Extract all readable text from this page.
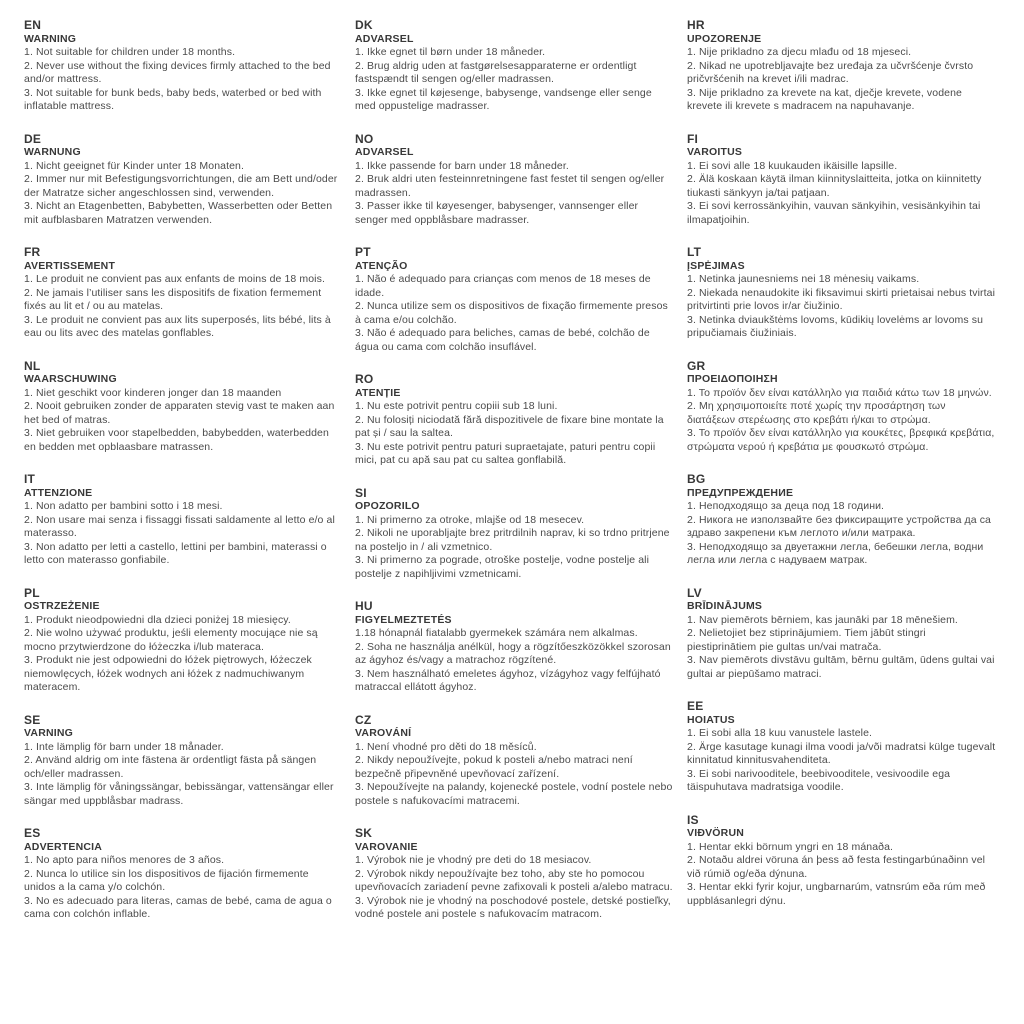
EN
WARNING

1. Not suitable for children under 18 months.

2. Never use without the fixing devices firmly attached to the bed and/or mattress.

3. Not suitable for bunk beds, baby beds, waterbed or bed with inflatable mattress.

DE
WARNUNG

1. Nicht geeignet für Kinder unter 18 Monaten.

2. Immer nur mit Befestigungsvorrichtungen, die am Bett und/oder der Matratze sicher angeschlossen sind, verwenden.

3. Nicht an Etagenbetten, Babybetten, Wasserbetten oder Betten mit aufblasbaren Matratzen verwenden.

FR
AVERTISSEMENT

1. Le produit ne convient pas aux enfants de moins de 18 mois.

2. Ne jamais l’utiliser sans les dispositifs de fixation fermement fixés au lit et / ou au matelas.

3. Le produit ne convient pas aux lits superposés, lits bébé, lits à eau ou lits avec des matelas gonflables.

NL
WAARSCHUWING

1. Niet geschikt voor kinderen jonger dan 18 maanden

2. Nooit gebruiken zonder de apparaten stevig vast te maken aan het bed of matras.

3. Niet gebruiken voor stapelbedden, babybedden, waterbedden en bedden met opblaasbare matrassen.

IT
ATTENZIONE

1. Non adatto per bambini sotto i 18 mesi.

2. Non usare mai senza i fissaggi fissati saldamente al letto e/o al materasso.

3. Non adatto per letti a castello, lettini per bambini, materassi o letto con materasso gonfiabile.

PL
OSTRZEŻENIE

1. Produkt nieodpowiedni dla dzieci poniżej 18 miesięcy.

2. Nie wolno używać produktu, jeśli elementy mocujące nie są mocno przytwierdzone do łóżeczka i/lub materaca.

3. Produkt nie jest odpowiedni do łóżek piętrowych, łóżeczek niemowlęcych, łóżek wodnych ani łóżek z nadmuchiwanym materacem.

SE
VARNING

1. Inte lämplig för barn under 18 månader.

2. Använd aldrig om inte fästena är ordentligt fästa på sängen och/eller madrassen.

3. Inte lämplig för våningssängar, bebissängar, vattensängar eller sängar med uppblåsbar madrass.

ES
ADVERTENCIA

1. No apto para niños menores de 3 años.

2. Nunca lo utilice sin los dispositivos de fijación firmemente unidos a la cama y/o colchón.

3. No es adecuado para literas, camas de bebé, cama de agua o cama con colchón inflable.

DK
ADVARSEL

1. Ikke egnet til børn under 18 måneder.

2. Brug aldrig uden at fastgørelsesapparaterne er ordentligt fastspændt til sengen og/eller madrassen.

3. Ikke egnet til køjesenge, babysenge, vandsenge eller senge med oppustelige madrasser.

NO
ADVARSEL

1. Ikke passende for barn under 18 måneder.

2. Bruk aldri uten festeinnretningene fast festet til sengen og/eller madrassen.

3. Passer ikke til køyesenger, babysenger, vannsenger eller senger med oppblåsbare madrasser.

PT
ATENÇÃO

1. Não é adequado para crianças com menos de 18 meses de idade.

2. Nunca utilize sem os dispositivos de fixação firmemente presos à cama e/ou colchão.

3. Não é adequado para beliches, camas de bebé, colchão de água ou cama com colchão insuflável.

RO
ATENȚIE

1. Nu este potrivit pentru copiii sub 18 luni.

2. Nu folosiți niciodată fără dispozitivele de fixare bine montate la pat și / sau la saltea.

3. Nu este potrivit pentru paturi supraetajate, paturi pentru copii mici, pat cu apă sau pat cu saltea gonflabilă.

SI
OPOZORILO

1. Ni primerno za otroke, mlajše od 18 mesecev.

2. Nikoli ne uporabljajte brez pritrdilnih naprav, ki so trdno pritrjene na posteljo in / ali vzmetnico.

3. Ni primerno za pograde, otroške postelje, vodne postelje ali postelje z napihljivimi vzmetnicami.

HU
FIGYELMEZTETÉS

1.18 hónapnál fiatalabb gyermekek számára nem alkalmas.

2. Soha ne használja anélkül, hogy a rögzítőeszközökkel szorosan az ágyhoz és/vagy a matrachoz rögzítené.

3. Nem használható emeletes ágyhoz, vízágyhoz vagy felfújható matraccal ellátott ágyhoz.

CZ
VAROVÁNÍ

1. Není vhodné pro děti do 18 měsíců.

2. Nikdy nepoužívejte, pokud k posteli a/nebo matraci není bezpečně připevněné upevňovací zařízení.

3. Nepoužívejte na palandy, kojenecké postele, vodní postele nebo postele s nafukovacími matracemi.

SK
VAROVANIE

1. Výrobok nie je vhodný pre deti do 18 mesiacov.

2. Výrobok nikdy nepoužívajte bez toho, aby ste ho pomocou upevňovacích zariadení pevne zafixovali k posteli a/alebo matracu.

3. Výrobok nie je vhodný na poschodové postele, detské postieľky, vodné postele ani postele s nafukovacím matracom.

HR
UPOZORENJE

1. Nije prikladno za djecu mlađu od 18 mjeseci.

2. Nikad ne upotrebljavajte bez uređaja za učvršćenje čvrsto pričvršćenih na krevet i/ili madrac.

3. Nije prikladno za krevete na kat, dječje krevete, vodene krevete ili krevete s madracem na napuhavanje.

FI
VAROITUS

1. Ei sovi alle 18 kuukauden ikäisille lapsille.

2. Älä koskaan käytä ilman kiinnityslaitteita, jotka on kiinnitetty tiukasti sänkyyn ja/tai patjaan.

3. Ei sovi kerrossänkyihin, vauvan sänkyihin, vesisänkyihin tai ilmapatjoihin.

LT
ĮSPĖJIMAS

1. Netinka jaunesniems nei 18 mėnesių vaikams.

2. Niekada nenaudokite iki fiksavimui skirti prietaisai nebus tvirtai pritvirtinti prie lovos ir/ar čiužinio.

3. Netinka dviaukštėms lovoms, kūdikių lovelėms ar lovoms su pripučiamais čiužiniais.

GR
ΠΡΟΕΙΔΟΠΟΙΗΣΗ

1. Το προϊόν δεν είναι κατάλληλο για παιδιά κάτω των 18 μηνών.

2. Μη χρησιμοποιείτε ποτέ χωρίς την προσάρτηση των διατάξεων στερέωσης στο κρεβάτι ή/και το στρώμα.

3. Το προϊόν δεν είναι κατάλληλο για κουκέτες, βρεφικά κρεβάτια, στρώματα νερού ή κρεβάτια με φουσκωτό στρώμα.

BG
ПРЕДУПРЕЖДЕНИЕ

1. Неподходящо за деца под 18 години.

2. Никога не използвайте без фиксиращите устройства да са здраво закрепени към леглото и/или матрака.

3. Неподходящо за двуетажни легла, бебешки легла, водни легла или легла с надуваем матрак.

LV
BRĪDINĀJUMS

1. Nav piemērots bērniem, kas jaunāki par 18 mēnešiem.

2. Nelietojiet bez stiprinājumiem. Tiem jābūt stingri piestiprinātiem pie gultas un/vai matrača.

3. Nav piemērots divstāvu gultām, bērnu gultām, ūdens gultai vai gultai ar piepūšamo matraci.

EE
HOIATUS

1. Ei sobi alla 18 kuu vanustele lastele.

2. Ärge kasutage kunagi ilma voodi ja/või madratsi külge tugevalt kinnitatud kinnitusvahenditeta.

3. Ei sobi narivooditele, beebivooditele, vesivoodile ega täispuhutava madratsiga voodile.

IS
VIÐVÖRUN

1. Hentar ekki börnum yngri en 18 mánaða.

2. Notaðu aldrei vöruna án þess að festa festingarbúnaðinn vel við rúmið og/eða dýnuna.

3. Hentar ekki fyrir kojur, ungbarnarúm, vatnsrúm eða rúm með uppblásanlegri dýnu.
